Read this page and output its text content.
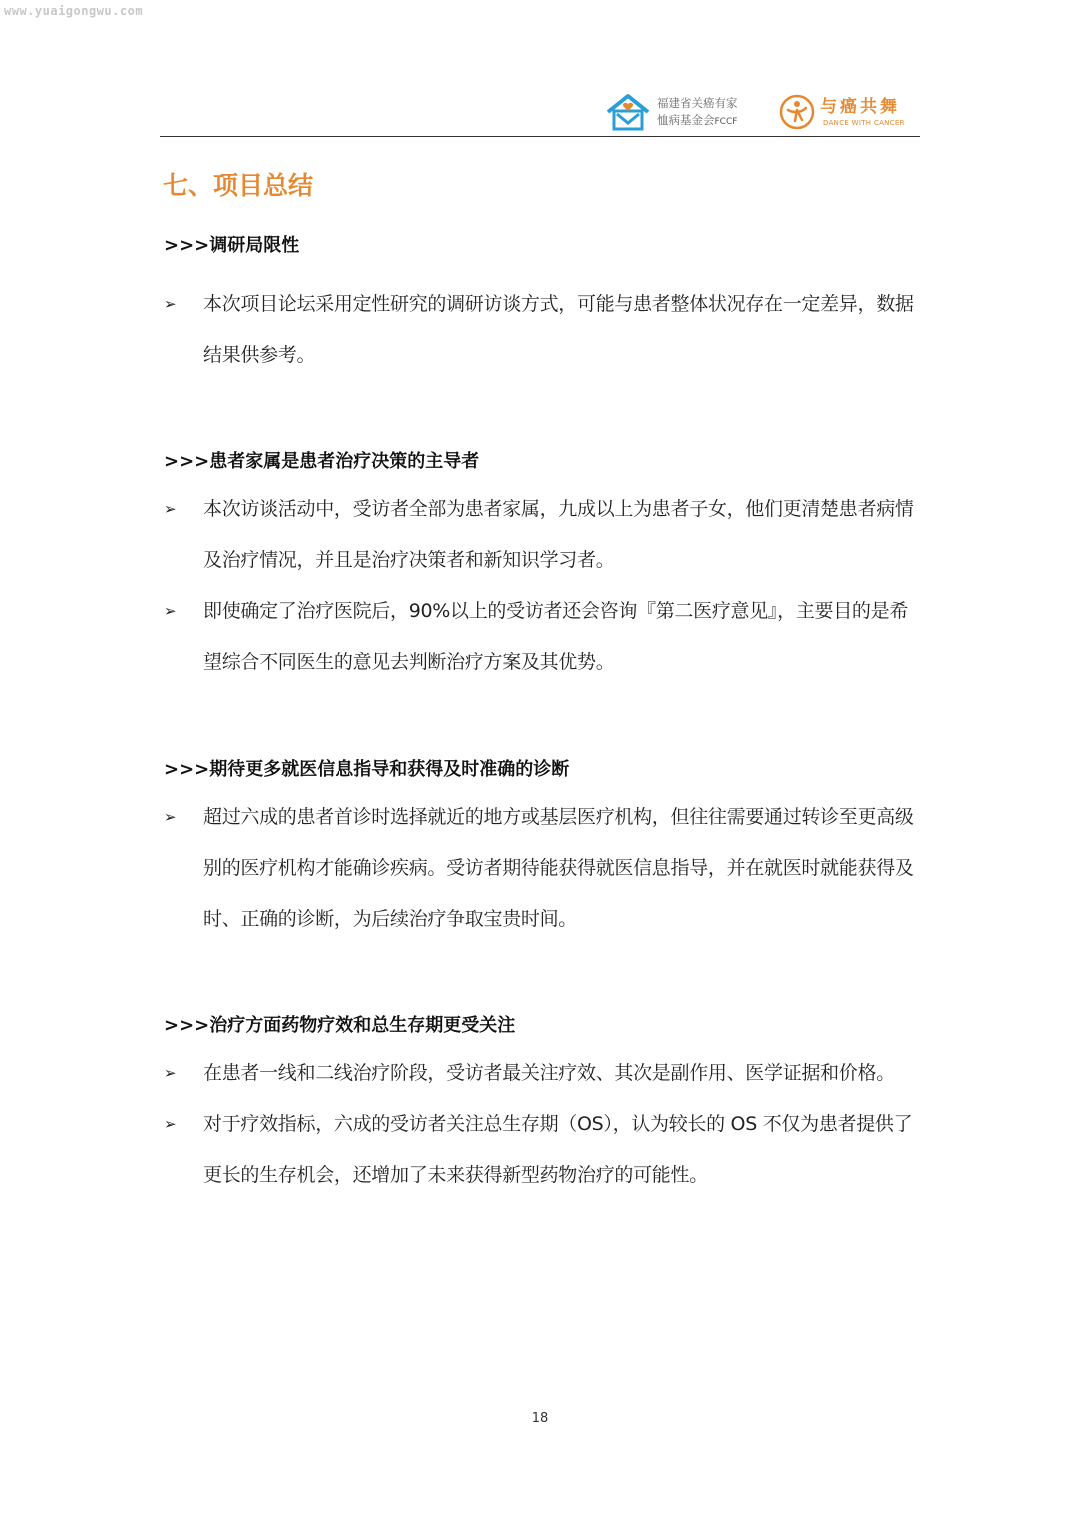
www.yuaigongwu.com
福建省关癌有家
恤病基金会FCCF
与癌共舞
DANCE WITH CANCER
七、项目总结
>>>调研局限性
➢ 本次项目论坛采用定性研究的调研访谈方式，可能与患者整体状况存在一定差异，数据结果供参考。
>>>患者家属是患者治疗决策的主导者
➢ 本次访谈活动中，受访者全部为患者家属，九成以上为患者子女，他们更清楚患者病情及治疗情况，并且是治疗决策者和新知识学习者。
➢ 即使确定了治疗医院后，90%以上的受访者还会咨询『第二医疗意见』，主要目的是希望综合不同医生的意见去判断治疗方案及其优势。
>>>期待更多就医信息指导和获得及时准确的诊断
➢ 超过六成的患者首诊时选择就近的地方或基层医疗机构，但往往需要通过转诊至更高级别的医疗机构才能确诊疾病。受访者期待能获得就医信息指导，并在就医时就能获得及时、正确的诊断，为后续治疗争取宝贵时间。
>>>治疗方面药物疗效和总生存期更受关注
➢ 在患者一线和二线治疗阶段，受访者最关注疗效、其次是副作用、医学证据和价格。
➢ 对于疗效指标，六成的受访者关注总生存期（OS），认为较长的 OS 不仅为患者提供了更长的生存机会，还增加了未来获得新型药物治疗的可能性。
18
